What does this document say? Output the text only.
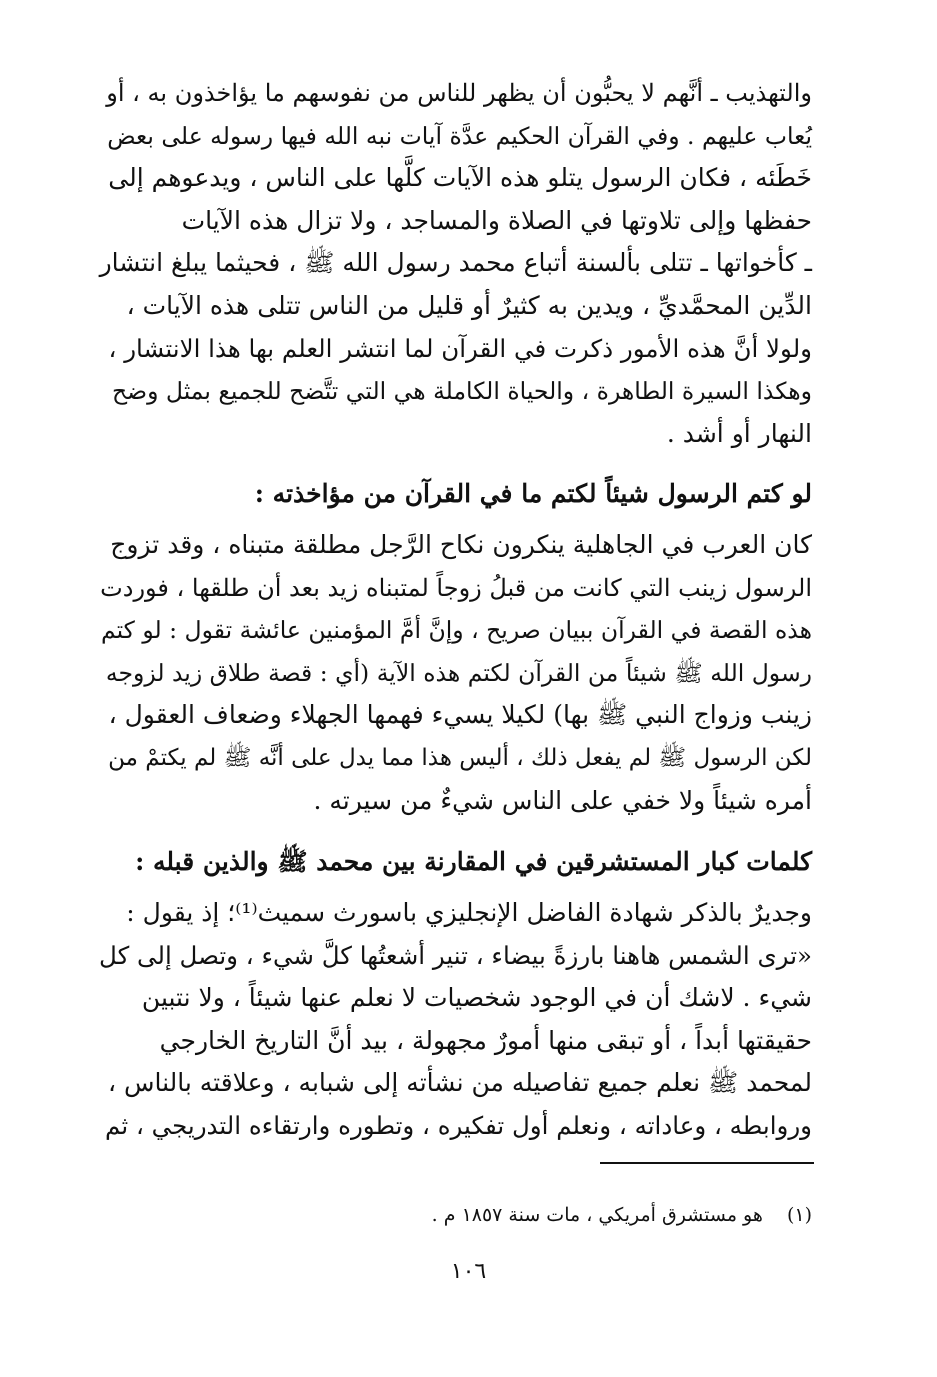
والتهذيب ـ أنَّهم لا يحبُّون أن يظهر للناس من نفوسهم ما يؤاخذون به ، أو

يُعاب عليهم . وفي القرآن الحكيم عدَّة آيات نبه الله فيها رسوله على بعض

خَطَئه ، فكان الرسول يتلو هذه الآيات كلَّها على الناس ، ويدعوهم إلى

حفظها وإلى تلاوتها في الصلاة والمساجد ، ولا تزال هذه الآيات

ـ كأخواتها ـ تتلى بألسنة أتباع محمد رسول الله ﷺ ، فحيثما يبلغ انتشار

الدِّين المحمَّديِّ ، ويدين به كثيرٌ أو قليل من الناس تتلى هذه الآيات ،

ولولا أنَّ هذه الأمور ذكرت في القرآن لما انتشر العلم بها هذا الانتشار ،

وهكذا السيرة الطاهرة ، والحياة الكاملة هي التي تتَّضح للجميع بمثل وضح

النهار أو أشد .

لو كتم الرسول شيئاً لكتم ما في القرآن من مؤاخذته :

كان العرب في الجاهلية ينكرون نكاح الرَّجل مطلقة متبناه ، وقد تزوج

الرسول زينب التي كانت من قبلُ زوجاً لمتبناه زيد بعد أن طلقها ، فوردت

هذه القصة في القرآن ببيان صريح ، وإنَّ أمَّ المؤمنين عائشة تقول : لو كتم

رسول الله ﷺ شيئاً من القرآن لكتم هذه الآية (أي : قصة طلاق زيد لزوجه

زينب وزواج النبي ﷺ بها) لكيلا يسيء فهمها الجهلاء وضعاف العقول ،

لكن الرسول ﷺ لم يفعل ذلك ، أليس هذا مما يدل على أنَّه ﷺ لم يكتمْ من

أمره شيئاً ولا خفي على الناس شيءٌ من سيرته .

كلمات كبار المستشرقين في المقارنة بين محمد ﷺ والذين قبله :

وجديرٌ بالذكر شهادة الفاضل الإنجليزي باسورث سميث⁽¹⁾؛ إذ يقول :

«ترى الشمس هاهنا بارزةً بيضاء ، تنير أشعتُها كلَّ شيء ، وتصل إلى كل

شيء . لاشك أن في الوجود شخصيات لا نعلم عنها شيئاً ، ولا نتبين

حقيقتها أبداً ، أو تبقى منها أمورٌ مجهولة ، بيد أنَّ التاريخ الخارجي

لمحمد ﷺ نعلم جميع تفاصيله من نشأته إلى شبابه ، وعلاقته بالناس ،

وروابطه ، وعاداته ، ونعلم أول تفكيره ، وتطوره وارتقاءه التدريجي ، ثم

(١) هو مستشرق أمريكي ، مات سنة ١٨٥٧ م .

١٠٦
